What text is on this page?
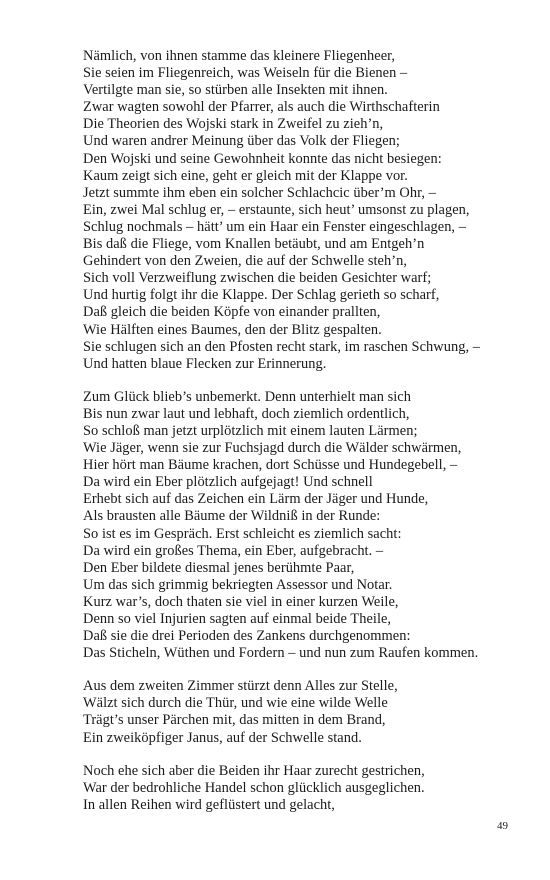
Nämlich, von ihnen stamme das kleinere Fliegenheer,
Sie seien im Fliegenreich, was Weiseln für die Bienen –
Vertilgte man sie, so stürben alle Insekten mit ihnen.
Zwar wagten sowohl der Pfarrer, als auch die Wirthschafterin
Die Theorien des Wojski stark in Zweifel zu zieh’n,
Und waren andrer Meinung über das Volk der Fliegen;
Den Wojski und seine Gewohnheit konnte das nicht besiegen:
Kaum zeigt sich eine, geht er gleich mit der Klappe vor.
Jetzt summte ihm eben ein solcher Schlachcic über’m Ohr, –
Ein, zwei Mal schlug er, – erstaunte, sich heut’ umsonst zu plagen,
Schlug nochmals – hätt’ um ein Haar ein Fenster eingeschlagen, –
Bis daß die Fliege, vom Knallen betäubt, und am Entgeh’n
Gehindert von den Zweien, die auf der Schwelle steh’n,
Sich voll Verzweiflung zwischen die beiden Gesichter warf;
Und hurtig folgt ihr die Klappe. Der Schlag gerieth so scharf,
Daß gleich die beiden Köpfe von einander prallten,
Wie Hälften eines Baumes, den der Blitz gespalten.
Sie schlugen sich an den Pfosten recht stark, im raschen Schwung, –
Und hatten blaue Flecken zur Erinnerung.
Zum Glück blieb’s unbemerkt. Denn unterhielt man sich
Bis nun zwar laut und lebhaft, doch ziemlich ordentlich,
So schloß man jetzt urplötzlich mit einem lauten Lärmen;
Wie Jäger, wenn sie zur Fuchsjagd durch die Wälder schwärmen,
Hier hört man Bäume krachen, dort Schüsse und Hundegebell, –
Da wird ein Eber plötzlich aufgejagt! Und schnell
Erhebt sich auf das Zeichen ein Lärm der Jäger und Hunde,
Als brausten alle Bäume der Wildniß in der Runde:
So ist es im Gespräch. Erst schleicht es ziemlich sacht:
Da wird ein großes Thema, ein Eber, aufgebracht. –
Den Eber bildete diesmal jenes berühmte Paar,
Um das sich grimmig bekriegten Assessor und Notar.
Kurz war’s, doch thaten sie viel in einer kurzen Weile,
Denn so viel Injurien sagten auf einmal beide Theile,
Daß sie die drei Perioden des Zankens durchgenommen:
Das Sticheln, Wüthen und Fordern – und nun zum Raufen kommen.
Aus dem zweiten Zimmer stürzt denn Alles zur Stelle,
Wälzt sich durch die Thür, und wie eine wilde Welle
Trägt’s unser Pärchen mit, das mitten in dem Brand,
Ein zweiköpfiger Janus, auf der Schwelle stand.
Noch ehe sich aber die Beiden ihr Haar zurecht gestrichen,
War der bedrohliche Handel schon glücklich ausgeglichen.
In allen Reihen wird geflüstert und gelacht,
49
